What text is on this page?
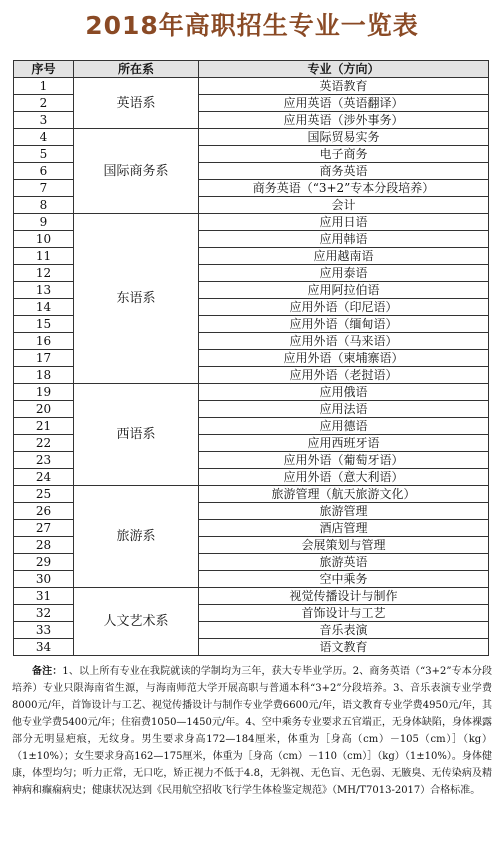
2018年高职招生专业一览表
序号	所在系	专业（方向）
1	英语系	英语教育
2		应用英语（英语翻译）
3		应用英语（涉外事务）
4	国际商务系	国际贸易实务
5		电子商务
6		商务英语
7		商务英语（“3+2”专本分段培养）
8		会计
9	东语系	应用日语
10		应用韩语
11		应用越南语
12		应用泰语
13		应用阿拉伯语
14		应用外语（印尼语）
15		应用外语（缅甸语）
16		应用外语（马来语）
17		应用外语（柬埔寨语）
18		应用外语（老挝语）
19	西语系	应用俄语
20		应用法语
21		应用德语
22		应用西班牙语
23		应用外语（葡萄牙语）
24		应用外语（意大利语）
25	旅游系	旅游管理（航天旅游文化）
26		旅游管理
27		酒店管理
28		会展策划与管理
29		旅游英语
30		空中乘务
31	人文艺术系	视觉传播设计与制作
32		首饰设计与工艺
33		音乐表演
34		语文教育
备注：1、以上所有专业在我院就读的学制均为三年，获大专毕业学历。2、商务英语（“3+2”专本分段培养）专业只限海南省生源，与海南师范大学开展高职与普通本科“3+2”分段培养。3、音乐表演专业学费8000元/年，首饰设计与工艺、视觉传播设计与制作专业学费6600元/年，语文教育专业学费4950元/年，其他专业学费5400元/年；住宿费1050—1450元/年。4、空中乘务专业要求五官端正，无身体缺陷，身体裸露部分无明显疤痕，无纹身。男生要求身高172—184厘米，体重为［身高（cm）－105（cm）］（kg）（1±10%）；女生要求身高162—175厘米，体重为［身高（cm）－110（cm）］（kg）（1±10%）。身体健康，体型均匀；听力正常，无口吃，矫正视力不低于4.8，无斜视、无色盲、无色弱、无腋臭、无传染病及精神病和癫痫病史；健康状况达到《民用航空招收飞行学生体检鉴定规范》（MH/T7013-2017）合格标准。
